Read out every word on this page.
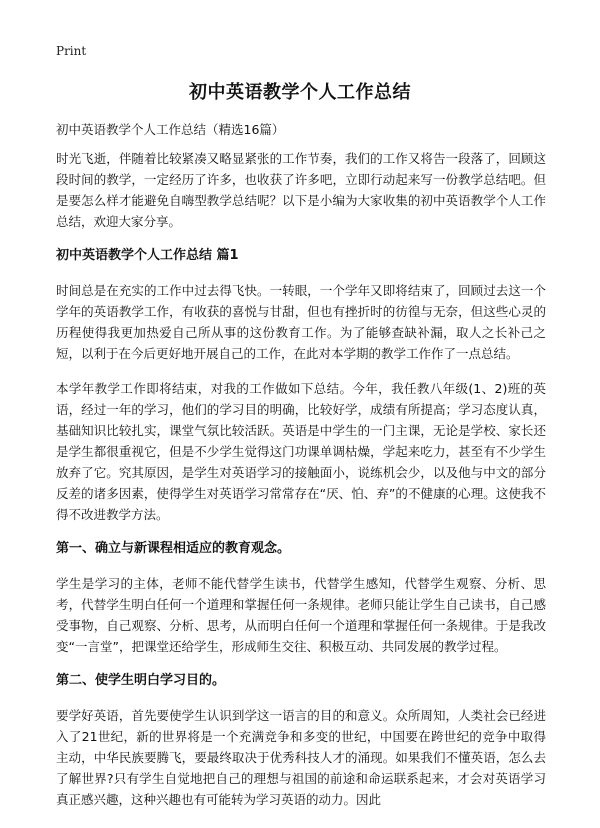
Print
初中英语教学个人工作总结

初中英语教学个人工作总结（精选16篇）

时光飞逝，伴随着比较紧凑又略显紧张的工作节奏，我们的工作又将告一段落了，回顾这段时间的教学，一定经历了许多，也收获了许多吧，立即行动起来写一份教学总结吧。但是要怎么样才能避免自嗨型教学总结呢？以下是小编为大家收集的初中英语教学个人工作总结，欢迎大家分享。

初中英语教学个人工作总结 篇1

时间总是在充实的工作中过去得飞快。一转眼，一个学年又即将结束了，回顾过去这一个学年的英语教学工作，有收获的喜悦与甘甜，但也有挫折时的彷徨与无奈，但这些心灵的历程使得我更加热爱自己所从事的这份教育工作。为了能够查缺补漏，取人之长补己之短，以利于在今后更好地开展自己的工作，在此对本学期的教学工作作了一点总结。

本学年教学工作即将结束，对我的工作做如下总结。今年，我任教八年级(1、2)班的英语，经过一年的学习，他们的学习目的明确，比较好学，成绩有所提高；学习态度认真，基础知识比较扎实，课堂气氛比较活跃。英语是中学生的一门主课，无论是学校、家长还是学生都很重视它，但是不少学生觉得这门功课单调枯燥，学起来吃力，甚至有不少学生放弃了它。究其原因，是学生对英语学习的接触面小，说练机会少，以及他与中文的部分反差的诸多因素，使得学生对英语学习常常存在“厌、怕、弃”的不健康的心理。这使我不得不改进教学方法。

第一、确立与新课程相适应的教育观念。

学生是学习的主体，老师不能代替学生读书，代替学生感知，代替学生观察、分析、思考，代替学生明白任何一个道理和掌握任何一条规律。老师只能让学生自己读书，自己感受事物，自己观察、分析、思考，从而明白任何一个道理和掌握任何一条规律。于是我改变“一言堂”，把课堂还给学生，形成师生交往、积极互动、共同发展的教学过程。

第二、使学生明白学习目的。

要学好英语，首先要使学生认识到学这一语言的目的和意义。众所周知，人类社会已经进入了21世纪，新的世界将是一个充满竞争和多变的世纪，中国要在跨世纪的竞争中取得主动，中华民族要腾飞，要最终取决于优秀科技人才的涌现。如果我们不懂英语，怎么去了解世界?只有学生自觉地把自己的理想与祖国的前途和命运联系起来，才会对英语学习真正感兴趣，这种兴趣也有可能转为学习英语的动力。因此
